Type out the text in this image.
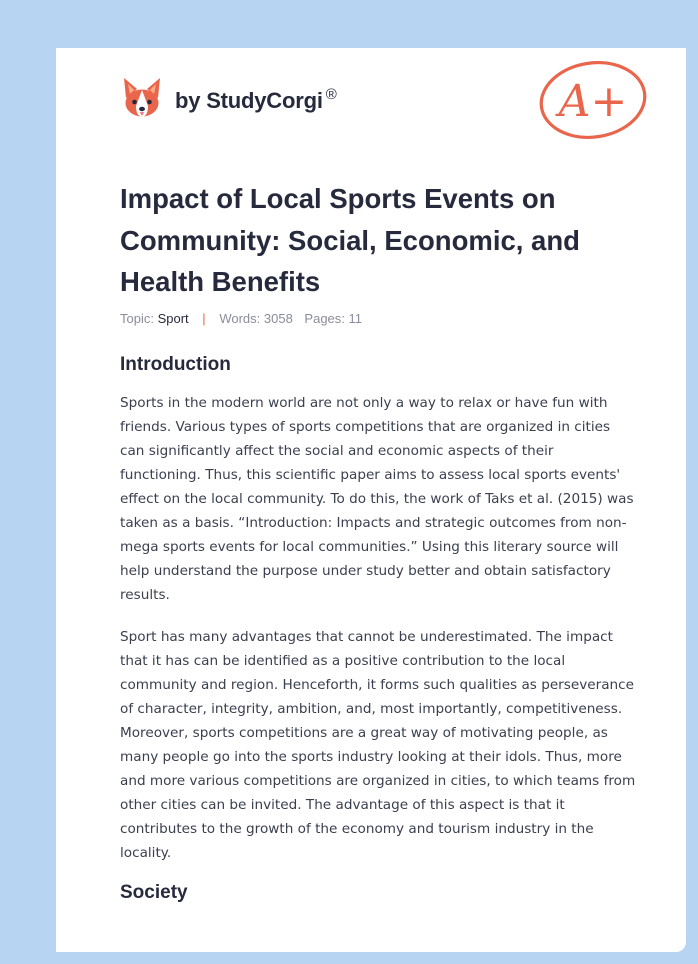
by StudyCorgi ®	A+
Impact of Local Sports Events on Community: Social, Economic, and Health Benefits
Topic: Sport | Words: 3058 Pages: 11
Introduction

Sports in the modern world are not only a way to relax or have fun with friends. Various types of sports competitions that are organized in cities can significantly affect the social and economic aspects of their functioning. Thus, this scientific paper aims to assess local sports events' effect on the local community. To do this, the work of Taks et al. (2015) was taken as a basis. “Introduction: Impacts and strategic outcomes from non-mega sports events for local communities.” Using this literary source will help understand the purpose under study better and obtain satisfactory results.

Sport has many advantages that cannot be underestimated. The impact that it has can be identified as a positive contribution to the local community and region. Henceforth, it forms such qualities as perseverance of character, integrity, ambition, and, most importantly, competitiveness. Moreover, sports competitions are a great way of motivating people, as many people go into the sports industry looking at their idols. Thus, more and more various competitions are organized in cities, to which teams from other cities can be invited. The advantage of this aspect is that it contributes to the growth of the economy and tourism industry in the locality.

Society
